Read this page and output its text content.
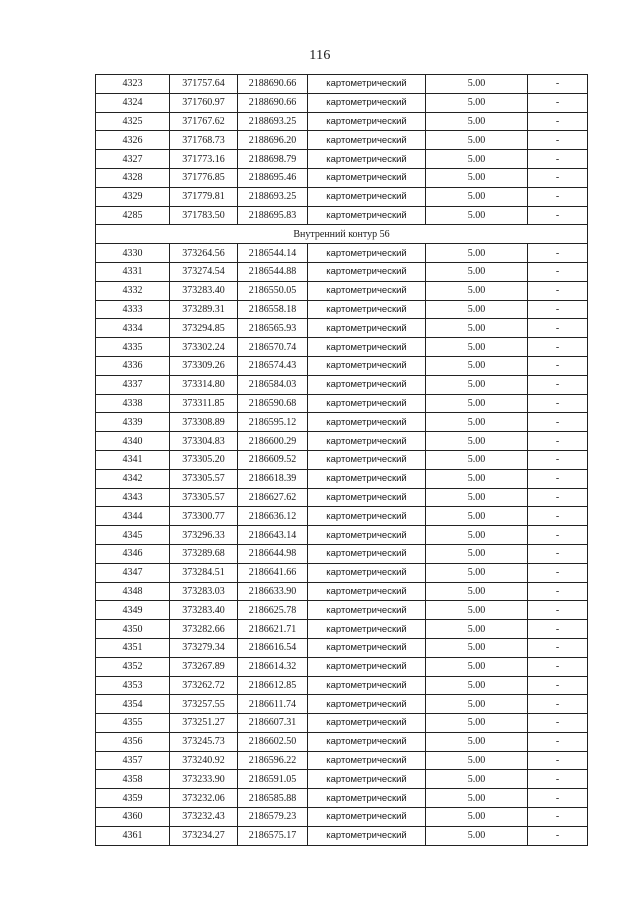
116
4323	371757.64	2188690.66	картометрический	5.00	-
4324	371760.97	2188690.66	картометрический	5.00	-
4325	371767.62	2188693.25	картометрический	5.00	-
4326	371768.73	2188696.20	картометрический	5.00	-
4327	371773.16	2188698.79	картометрический	5.00	-
4328	371776.85	2188695.46	картометрический	5.00	-
4329	371779.81	2188693.25	картометрический	5.00	-
4285	371783.50	2188695.83	картометрический	5.00	-
Внутренний контур 56					
4330	373264.56	2186544.14	картометрический	5.00	-
4331	373274.54	2186544.88	картометрический	5.00	-
4332	373283.40	2186550.05	картометрический	5.00	-
4333	373289.31	2186558.18	картометрический	5.00	-
4334	373294.85	2186565.93	картометрический	5.00	-
4335	373302.24	2186570.74	картометрический	5.00	-
4336	373309.26	2186574.43	картометрический	5.00	-
4337	373314.80	2186584.03	картометрический	5.00	-
4338	373311.85	2186590.68	картометрический	5.00	-
4339	373308.89	2186595.12	картометрический	5.00	-
4340	373304.83	2186600.29	картометрический	5.00	-
4341	373305.20	2186609.52	картометрический	5.00	-
4342	373305.57	2186618.39	картометрический	5.00	-
4343	373305.57	2186627.62	картометрический	5.00	-
4344	373300.77	2186636.12	картометрический	5.00	-
4345	373296.33	2186643.14	картометрический	5.00	-
4346	373289.68	2186644.98	картометрический	5.00	-
4347	373284.51	2186641.66	картометрический	5.00	-
4348	373283.03	2186633.90	картометрический	5.00	-
4349	373283.40	2186625.78	картометрический	5.00	-
4350	373282.66	2186621.71	картометрический	5.00	-
4351	373279.34	2186616.54	картометрический	5.00	-
4352	373267.89	2186614.32	картометрический	5.00	-
4353	373262.72	2186612.85	картометрический	5.00	-
4354	373257.55	2186611.74	картометрический	5.00	-
4355	373251.27	2186607.31	картометрический	5.00	-
4356	373245.73	2186602.50	картометрический	5.00	-
4357	373240.92	2186596.22	картометрический	5.00	-
4358	373233.90	2186591.05	картометрический	5.00	-
4359	373232.06	2186585.88	картометрический	5.00	-
4360	373232.43	2186579.23	картометрический	5.00	-
4361	373234.27	2186575.17	картометрический	5.00	-
